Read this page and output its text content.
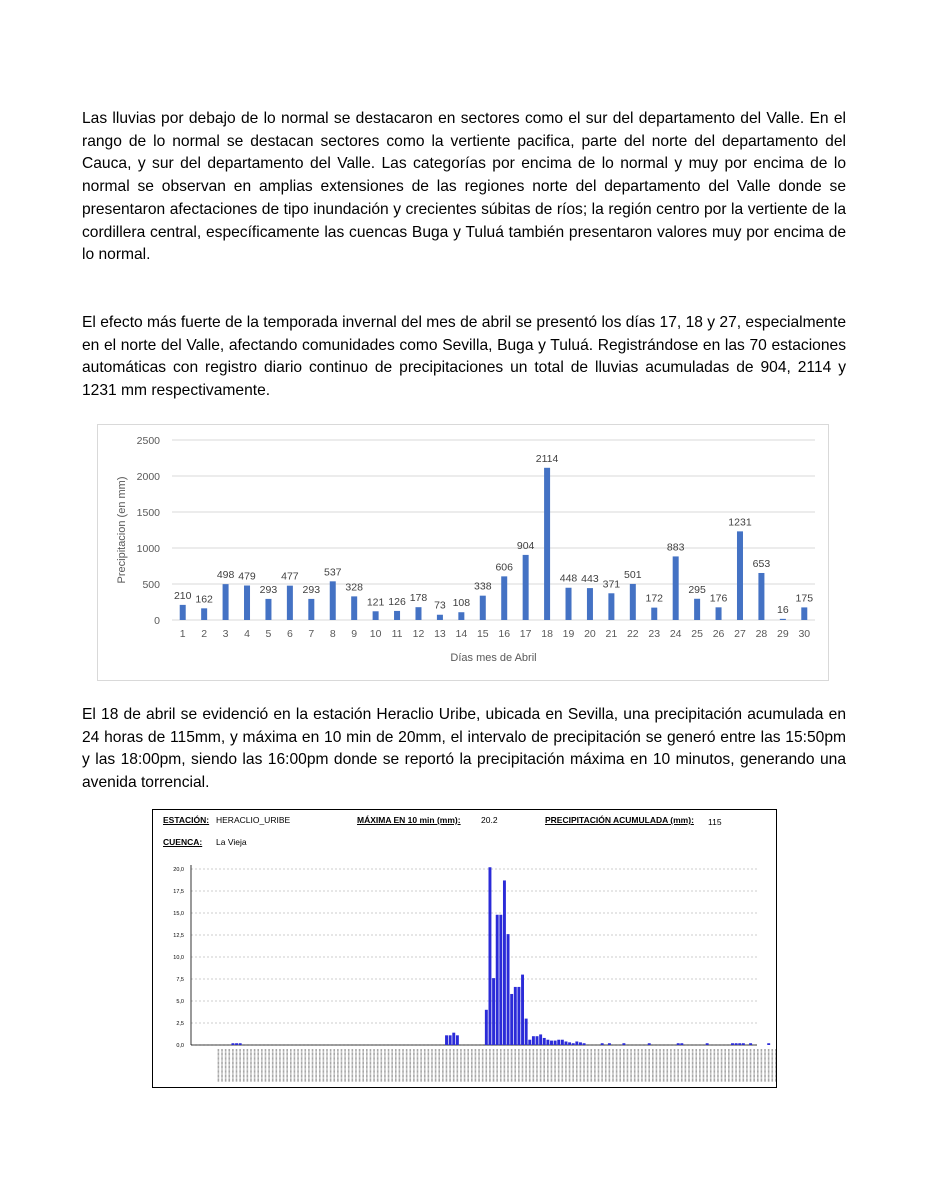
Las lluvias por debajo de lo normal se destacaron en sectores como el sur del departamento del Valle. En el rango de lo normal se destacan sectores como la vertiente pacifica, parte del norte del departamento del Cauca, y sur del departamento del Valle. Las categorías por encima de lo normal y muy por encima de lo normal se observan en amplias extensiones de las regiones norte del departamento del Valle donde se presentaron afectaciones de tipo inundación y crecientes súbitas de ríos; la región centro por la vertiente de la cordillera central, específicamente las cuencas Buga y Tuluá también presentaron valores muy por encima de lo normal.

El efecto más fuerte de la temporada invernal del mes de abril se presentó los días 17, 18 y 27, especialmente en el norte del Valle, afectando comunidades como Sevilla, Buga y Tuluá. Registrándose en las 70 estaciones automáticas con registro diario continuo de precipitaciones un total de lluvias acumuladas de 904, 2114 y 1231 mm respectivamente.

0
500
1000
1500
2000
2500
210
1
162
2
498
3
479
4
293
5
477
6
293
7
537
8
328
9
121
10
126
11
178
12
73
13
108
14
338
15
606
16
904
17
2114
18
448
19
443
20
371
21
501
22
172
23
883
24
295
25
176
26
1231
27
653
28
16
29
175
30
Días mes de Abril
Precipitacion (en mm)

El 18 de abril se evidenció en la estación Heraclio Uribe, ubicada en Sevilla, una precipitación acumulada en 24 horas de 115mm, y máxima en 10 min de 20mm, el intervalo de precipitación se generó entre las 15:50pm y las 18:00pm, siendo las 16:00pm donde se reportó la precipitación máxima en 10 minutos, generando una avenida torrencial.

ESTACIÓN: HERACLIO_URIBE	MÁXIMA EN 10 min (mm): 20.2	PRECIPITACIÓN ACUMULADA (mm): 115
CUENCA: La Vieja
0,0
2,5
5,0
7,5
10,0
12,5
15,0
17,5
20,0
